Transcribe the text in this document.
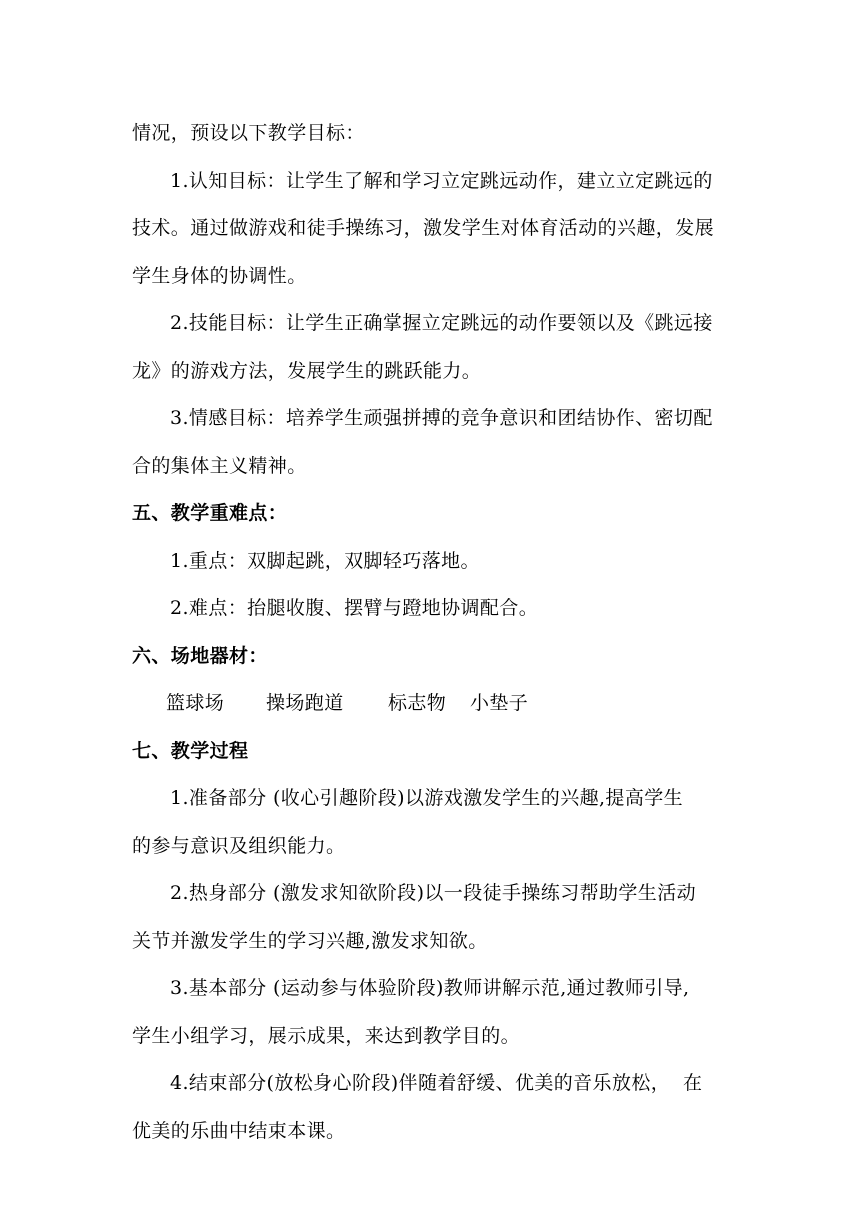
情况，预设以下教学目标：
1.认知目标：让学生了解和学习立定跳远动作，建立立定跳远的
技术。通过做游戏和徒手操练习，激发学生对体育活动的兴趣，发展
学生身体的协调性。
2.技能目标：让学生正确掌握立定跳远的动作要领以及《跳远接
龙》的游戏方法，发展学生的跳跃能力。
3.情感目标：培养学生顽强拼搏的竞争意识和团结协作、密切配
合的集体主义精神。
五、教学重难点：
1.重点：双脚起跳，双脚轻巧落地。
2.难点：抬腿收腹、摆臂与蹬地协调配合。
六、场地器材：
篮球场 操场跑道 标志物 小垫子
七、教学过程
1.准备部分 (收心引趣阶段)以游戏激发学生的兴趣,提高学生
的参与意识及组织能力。
2.热身部分 (激发求知欲阶段)以一段徒手操练习帮助学生活动
关节并激发学生的学习兴趣,激发求知欲。
3.基本部分 (运动参与体验阶段)教师讲解示范,通过教师引导,
学生小组学习，展示成果，来达到教学目的。
4.结束部分(放松身心阶段)伴随着舒缓、优美的音乐放松，  在
优美的乐曲中结束本课。
